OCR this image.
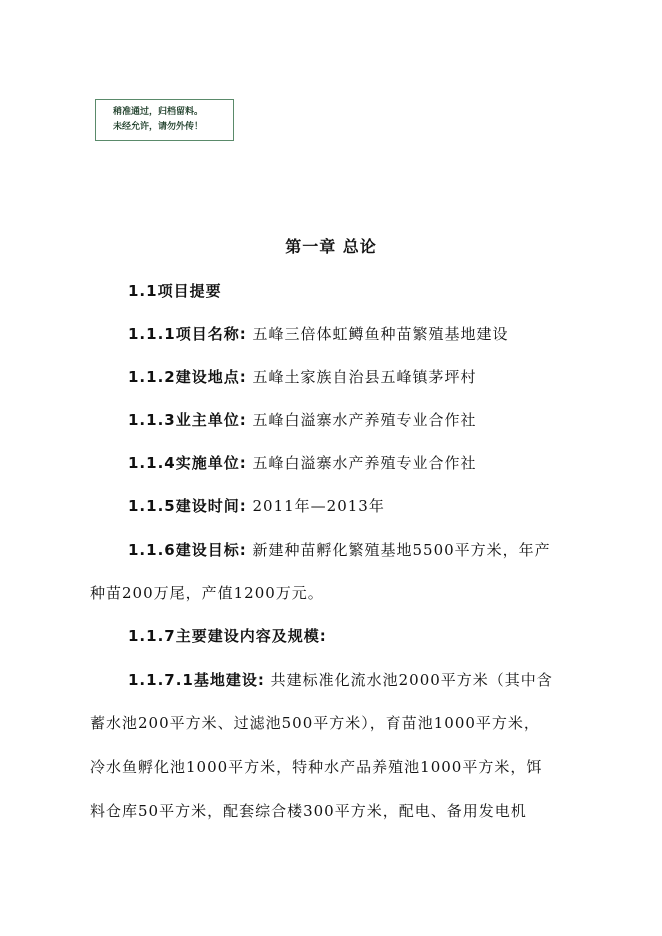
稍准通过，归档留料。
未经允许，请勿外传！
第一章 总论
1.1项目提要
1.1.1项目名称: 五峰三倍体虹鳟鱼种苗繁殖基地建设
1.1.2建设地点: 五峰土家族自治县五峰镇茅坪村
1.1.3业主单位: 五峰白溢寨水产养殖专业合作社
1.1.4实施单位: 五峰白溢寨水产养殖专业合作社
1.1.5建设时间: 2011年—2013年
1.1.6建设目标: 新建种苗孵化繁殖基地5500平方米，年产
种苗200万尾，产值1200万元。
1.1.7主要建设内容及规模:
1.1.7.1基地建设: 共建标准化流水池2000平方米（其中含
蓄水池200平方米、过滤池500平方米），育苗池1000平方米，
冷水鱼孵化池1000平方米，特种水产品养殖池1000平方米，饵
料仓库50平方米，配套综合楼300平方米，配电、备用发电机
